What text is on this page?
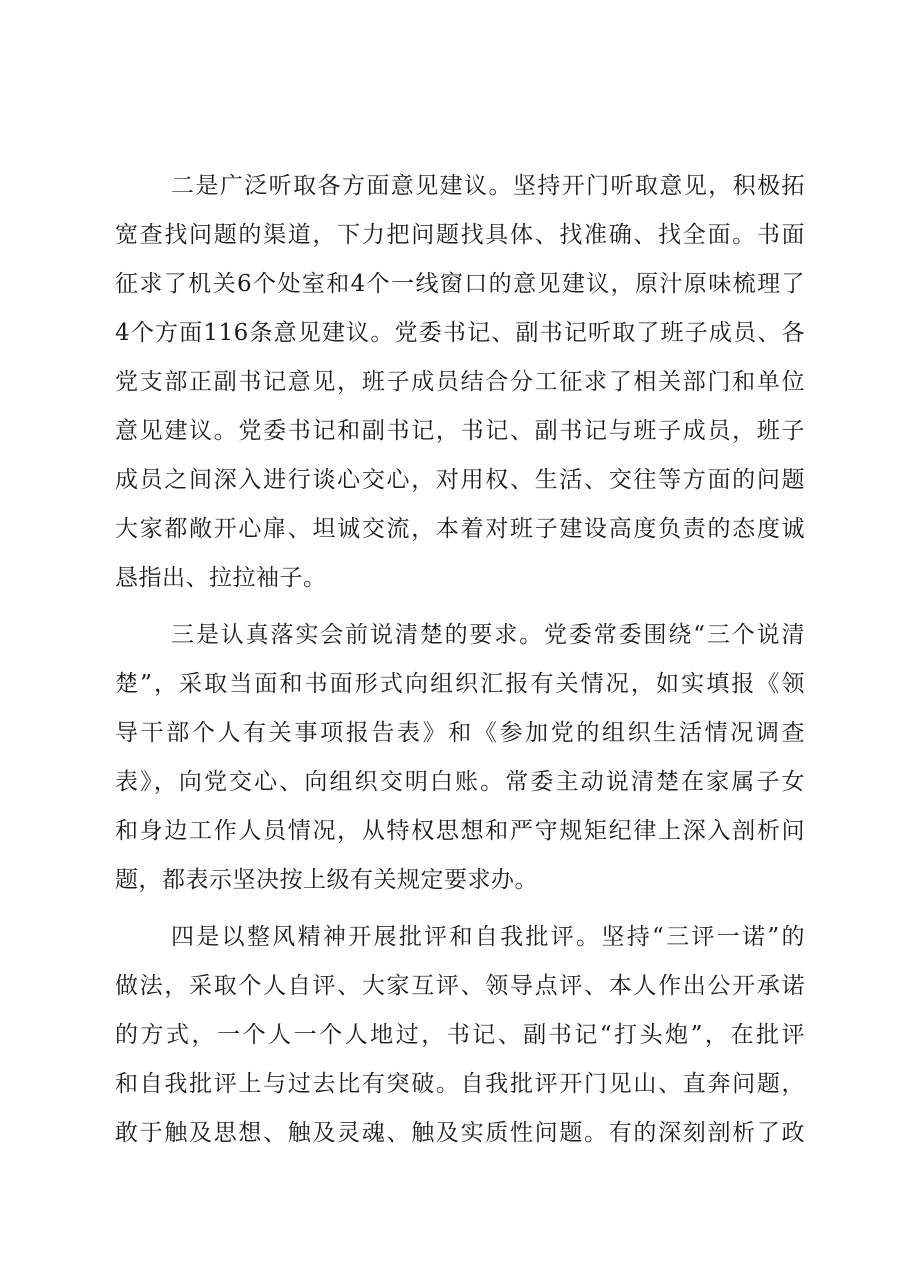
二是广泛听取各方面意见建议。坚持开门听取意见，积极拓
宽查找问题的渠道，下力把问题找具体、找准确、找全面。书面
征求了机关6个处室和4个一线窗口的意见建议，原汁原味梳理了
4个方面116条意见建议。党委书记、副书记听取了班子成员、各
党支部正副书记意见，班子成员结合分工征求了相关部门和单位
意见建议。党委书记和副书记，书记、副书记与班子成员，班子
成员之间深入进行谈心交心，对用权、生活、交往等方面的问题
大家都敞开心扉、坦诚交流，本着对班子建设高度负责的态度诚
恳指出、拉拉袖子。
三是认真落实会前说清楚的要求。党委常委围绕“三个说清
楚”，采取当面和书面形式向组织汇报有关情况，如实填报《领
导干部个人有关事项报告表》和《参加党的组织生活情况调查
表》，向党交心、向组织交明白账。常委主动说清楚在家属子女
和身边工作人员情况，从特权思想和严守规矩纪律上深入剖析问
题，都表示坚决按上级有关规定要求办。
四是以整风精神开展批评和自我批评。坚持“三评一诺”的
做法，采取个人自评、大家互评、领导点评、本人作出公开承诺
的方式，一个人一个人地过，书记、副书记“打头炮”，在批评
和自我批评上与过去比有突破。自我批评开门见山、直奔问题，
敢于触及思想、触及灵魂、触及实质性问题。有的深刻剖析了政
